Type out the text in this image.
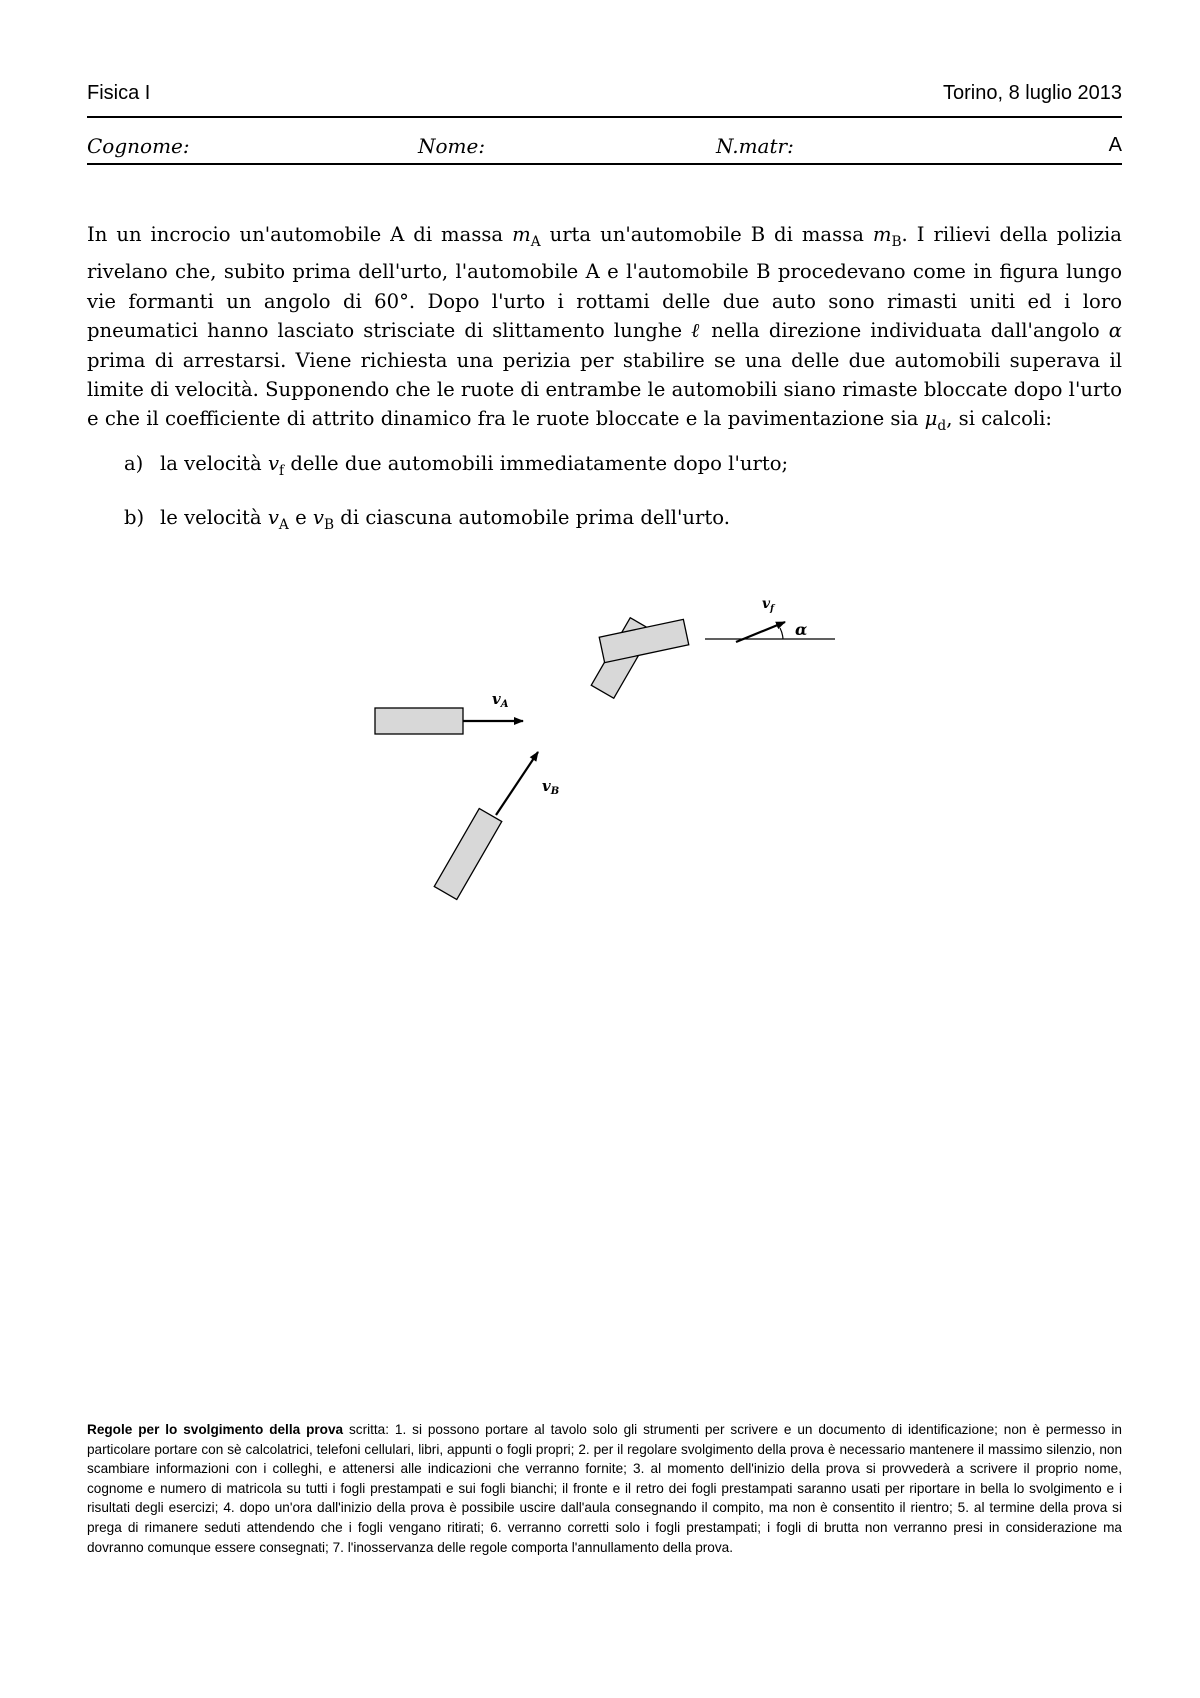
Fisica I	Torino, 8 luglio 2013
Cognome:	Nome:	N.matr:	A
In un incrocio un'automobile A di massa $m_A$ urta un'automobile B di massa $m_B$. I rilievi della polizia rivelano che, subito prima dell'urto, l'automobile A e l'automobile B procedevano come in figura lungo vie formanti un angolo di 60°. Dopo l'urto i rottami delle due auto sono rimasti uniti ed i loro pneumatici hanno lasciato strisciate di slittamento lunghe ℓ nella direzione individuata dall'angolo α prima di arrestarsi. Viene richiesta una perizia per stabilire se una delle due automobili superava il limite di velocità. Supponendo che le ruote di entrambe le automobili siano rimaste bloccate dopo l'urto e che il coefficiente di attrito dinamico fra le ruote bloccate e la pavimentazione sia $\mu_d$, si calcoli:
a) la velocità $v_f$ delle due automobili immediatamente dopo l'urto;
b) le velocità $v_A$ e $v_B$ di ciascuna automobile prima dell'urto.
$v_A$
$v_B$
$v_f$
α
Regole per lo svolgimento della prova scritta: 1. si possono portare al tavolo solo gli strumenti per scrivere e un documento di identificazione; non è permesso in particolare portare con sè calcolatrici, telefoni cellulari, libri, appunti o fogli propri; 2. per il regolare svolgimento della prova è necessario mantenere il massimo silenzio, non scambiare informazioni con i colleghi, e attenersi alle indicazioni che verranno fornite; 3. al momento dell'inizio della prova si provvederà a scrivere il proprio nome, cognome e numero di matricola su tutti i fogli prestampati e sui fogli bianchi; il fronte e il retro dei fogli prestampati saranno usati per riportare in bella lo svolgimento e i risultati degli esercizi; 4. dopo un'ora dall'inizio della prova è possibile uscire dall'aula consegnando il compito, ma non è consentito il rientro; 5. al termine della prova si prega di rimanere seduti attendendo che i fogli vengano ritirati; 6. verranno corretti solo i fogli prestampati; i fogli di brutta non verranno presi in considerazione ma dovranno comunque essere consegnati; 7. l'inosservanza delle regole comporta l'annullamento della prova.
